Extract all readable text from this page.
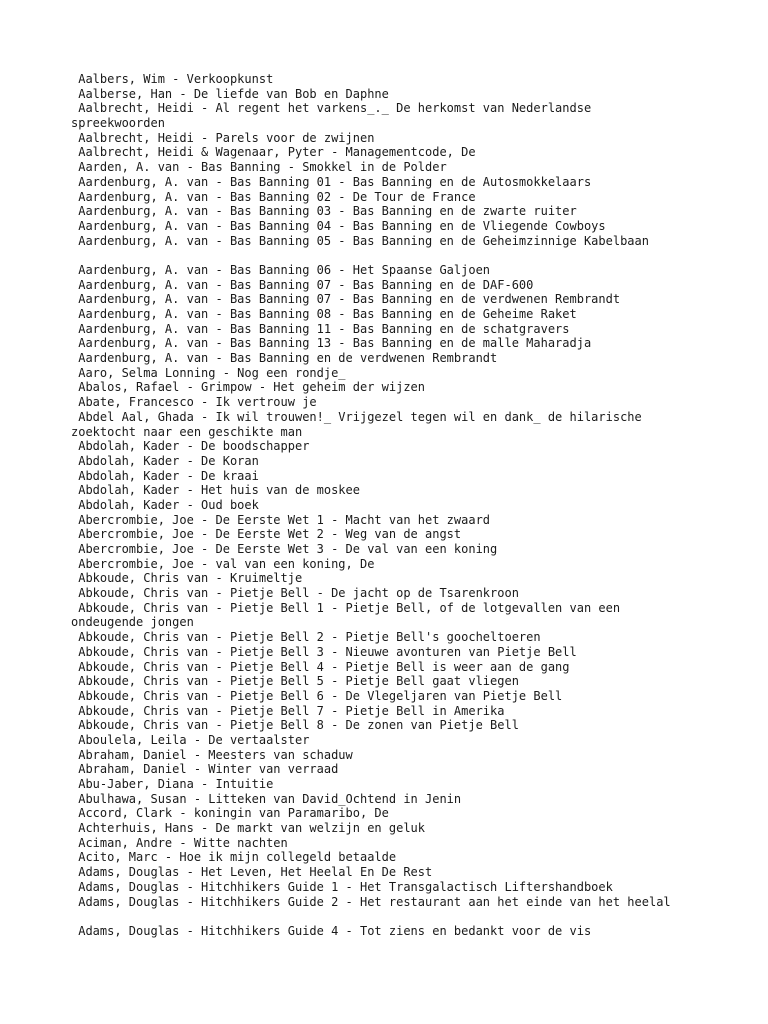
Aalbers, Wim - Verkoopkunst
Aalberse, Han - De liefde van Bob en Daphne
Aalbrecht, Heidi - Al regent het varkens_._ De herkomst van Nederlandse
spreekwoorden
Aalbrecht, Heidi - Parels voor de zwijnen
Aalbrecht, Heidi & Wagenaar, Pyter - Managementcode, De
Aarden, A. van - Bas Banning - Smokkel in de Polder
Aardenburg, A. van - Bas Banning 01 - Bas Banning en de Autosmokkelaars
Aardenburg, A. van - Bas Banning 02 - De Tour de France
Aardenburg, A. van - Bas Banning 03 - Bas Banning en de zwarte ruiter
Aardenburg, A. van - Bas Banning 04 - Bas Banning en de Vliegende Cowboys
Aardenburg, A. van - Bas Banning 05 - Bas Banning en de Geheimzinnige Kabelbaan
Aardenburg, A. van - Bas Banning 06 - Het Spaanse Galjoen
Aardenburg, A. van - Bas Banning 07 - Bas Banning en de DAF-600
Aardenburg, A. van - Bas Banning 07 - Bas Banning en de verdwenen Rembrandt
Aardenburg, A. van - Bas Banning 08 - Bas Banning en de Geheime Raket
Aardenburg, A. van - Bas Banning 11 - Bas Banning en de schatgravers
Aardenburg, A. van - Bas Banning 13 - Bas Banning en de malle Maharadja
Aardenburg, A. van - Bas Banning en de verdwenen Rembrandt
Aaro, Selma Lonning - Nog een rondje_
Abalos, Rafael - Grimpow - Het geheim der wijzen
Abate, Francesco - Ik vertrouw je
Abdel Aal, Ghada - Ik wil trouwen!_ Vrijgezel tegen wil en dank_ de hilarische
zoektocht naar een geschikte man
Abdolah, Kader - De boodschapper
Abdolah, Kader - De Koran
Abdolah, Kader - De kraai
Abdolah, Kader - Het huis van de moskee
Abdolah, Kader - Oud boek
Abercrombie, Joe - De Eerste Wet 1 - Macht van het zwaard
Abercrombie, Joe - De Eerste Wet 2 - Weg van de angst
Abercrombie, Joe - De Eerste Wet 3 - De val van een koning
Abercrombie, Joe - val van een koning, De
Abkoude, Chris van - Kruimeltje
Abkoude, Chris van - Pietje Bell - De jacht op de Tsarenkroon
Abkoude, Chris van - Pietje Bell 1 - Pietje Bell, of de lotgevallen van een
ondeugende jongen
Abkoude, Chris van - Pietje Bell 2 - Pietje Bell's goocheltoeren
Abkoude, Chris van - Pietje Bell 3 - Nieuwe avonturen van Pietje Bell
Abkoude, Chris van - Pietje Bell 4 - Pietje Bell is weer aan de gang
Abkoude, Chris van - Pietje Bell 5 - Pietje Bell gaat vliegen
Abkoude, Chris van - Pietje Bell 6 - De Vlegeljaren van Pietje Bell
Abkoude, Chris van - Pietje Bell 7 - Pietje Bell in Amerika
Abkoude, Chris van - Pietje Bell 8 - De zonen van Pietje Bell
Aboulela, Leila - De vertaalster
Abraham, Daniel - Meesters van schaduw
Abraham, Daniel - Winter van verraad
Abu-Jaber, Diana - Intuitie
Abulhawa, Susan - Litteken van David_Ochtend in Jenin
Accord, Clark - koningin van Paramaribo, De
Achterhuis, Hans - De markt van welzijn en geluk
Aciman, Andre - Witte nachten
Acito, Marc - Hoe ik mijn collegeld betaalde
Adams, Douglas - Het Leven, Het Heelal En De Rest
Adams, Douglas - Hitchhikers Guide 1 - Het Transgalactisch Liftershandboek
Adams, Douglas - Hitchhikers Guide 2 - Het restaurant aan het einde van het heelal
Adams, Douglas - Hitchhikers Guide 4 - Tot ziens en bedankt voor de vis
